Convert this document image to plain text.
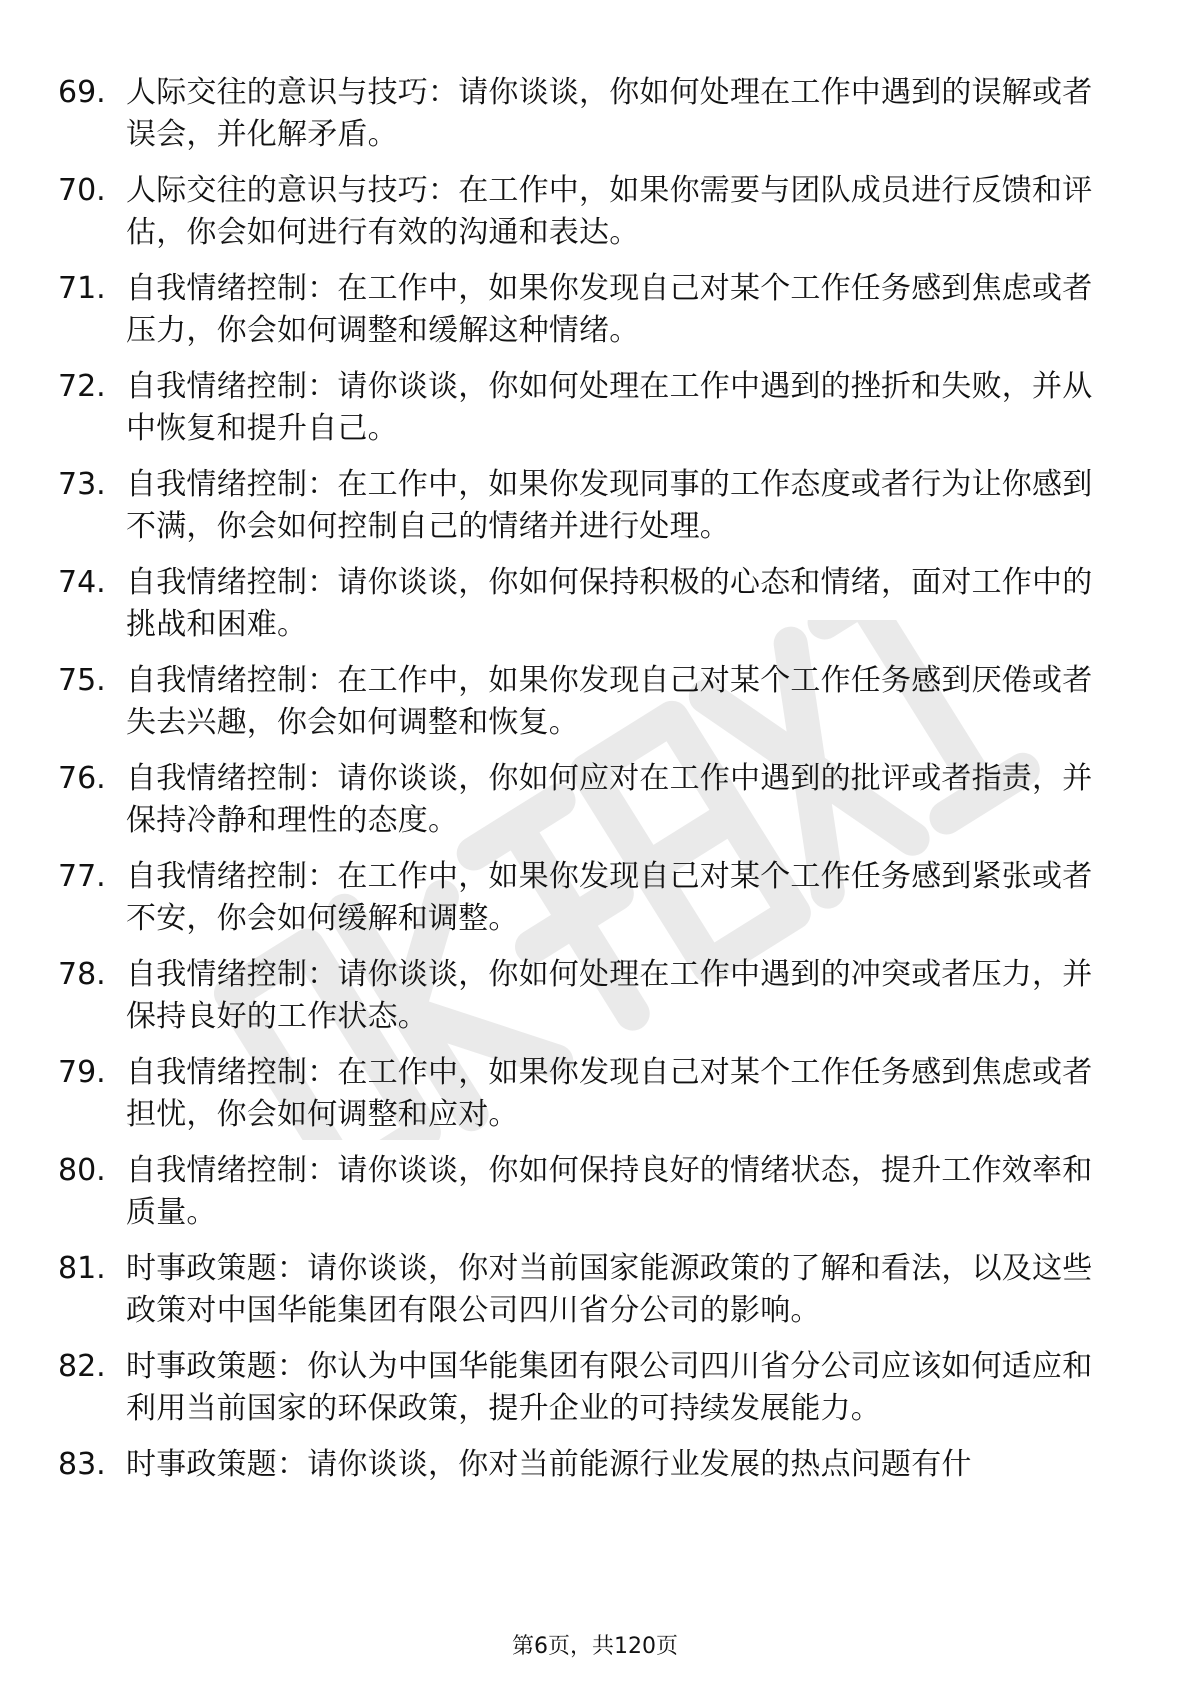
69. 人际交往的意识与技巧：请你谈谈，你如何处理在工作中遇到的误解或者误会，并化解矛盾。
70. 人际交往的意识与技巧：在工作中，如果你需要与团队成员进行反馈和评估，你会如何进行有效的沟通和表达。
71. 自我情绪控制：在工作中，如果你发现自己对某个工作任务感到焦虑或者压力，你会如何调整和缓解这种情绪。
72. 自我情绪控制：请你谈谈，你如何处理在工作中遇到的挫折和失败，并从中恢复和提升自己。
73. 自我情绪控制：在工作中，如果你发现同事的工作态度或者行为让你感到不满，你会如何控制自己的情绪并进行处理。
74. 自我情绪控制：请你谈谈，你如何保持积极的心态和情绪，面对工作中的挑战和困难。
75. 自我情绪控制：在工作中，如果你发现自己对某个工作任务感到厌倦或者失去兴趣，你会如何调整和恢复。
76. 自我情绪控制：请你谈谈，你如何应对在工作中遇到的批评或者指责，并保持冷静和理性的态度。
77. 自我情绪控制：在工作中，如果你发现自己对某个工作任务感到紧张或者不安，你会如何缓解和调整。
78. 自我情绪控制：请你谈谈，你如何处理在工作中遇到的冲突或者压力，并保持良好的工作状态。
79. 自我情绪控制：在工作中，如果你发现自己对某个工作任务感到焦虑或者担忧，你会如何调整和应对。
80. 自我情绪控制：请你谈谈，你如何保持良好的情绪状态，提升工作效率和质量。
81. 时事政策题：请你谈谈，你对当前国家能源政策的了解和看法，以及这些政策对中国华能集团有限公司四川省分公司的影响。
82. 时事政策题：你认为中国华能集团有限公司四川省分公司应该如何适应和利用当前国家的环保政策，提升企业的可持续发展能力。
83. 时事政策题：请你谈谈，你对当前能源行业发展的热点问题有什
第6页，共120页
